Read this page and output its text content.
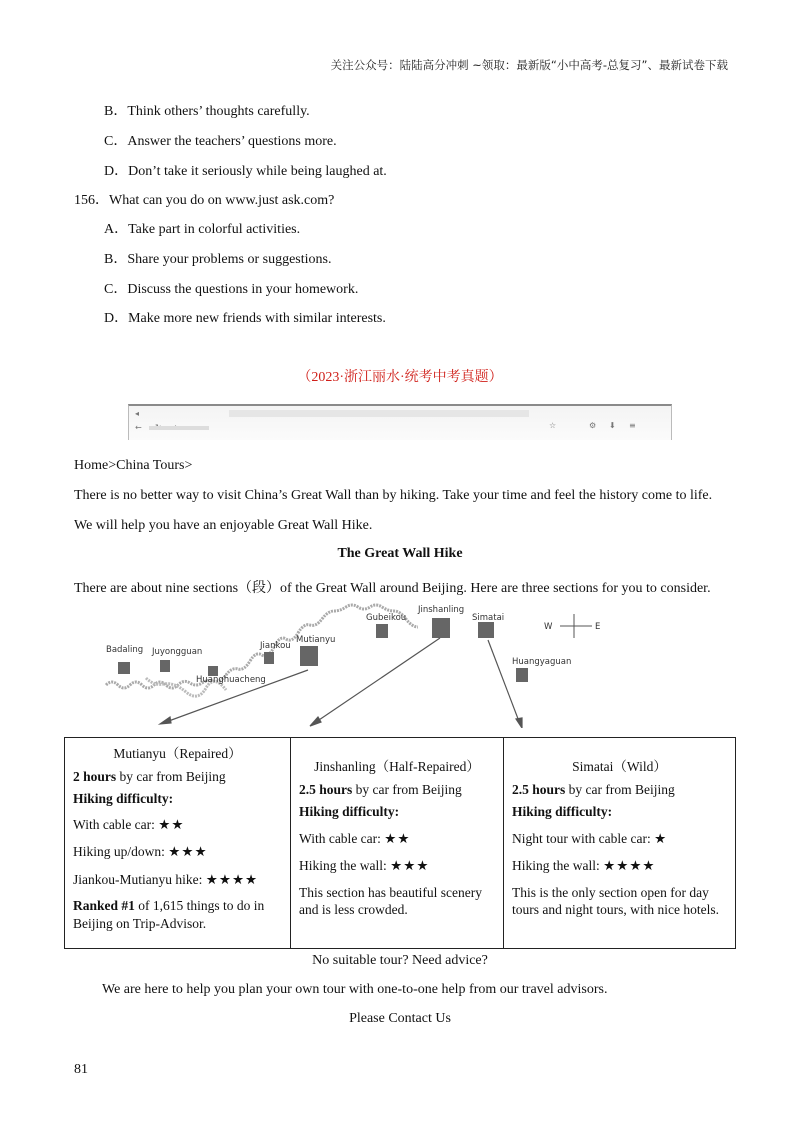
关注公众号：陆陆高分冲刺 ~领取：最新版“小中高考-总复习”、最新试卷下载
B．Think others’ thoughts carefully.
C．Answer the teachers’ questions more.
D．Don’t take it seriously while being laughed at.
156．What can you do on www.just ask.com?
A．Take part in colorful activities.
B．Share your problems or suggestions.
C．Discuss the questions in your homework.
D．Make more new friends with similar interests.
（2023·浙江丽水·统考中考真题）
◂
←	☆	⚙ ⬇ ≡
Home>China Tours>
There is no better way to visit China’s Great Wall than by hiking. Take your time and feel the history come to life.
We will help you have an enjoyable Great Wall Hike.
The Great Wall Hike
There are about nine sections（段）of the Great Wall around Beijing. Here are three sections for you to consider.
Badaling Juyongguan
Huanghuacheng
Jiankou
Mutianyu
Gubeikou
Jinshanling
Simatai
Huangyaguan
W	E
Mutianyu（Repaired）
2 hours by car from Beijing
Hiking difficulty:
With cable car: ★★
Hiking up/down: ★★★
Jiankou-Mutianyu hike: ★★★★
Ranked #1 of 1,615 things to do in Beijing on Trip-Advisor.

Jinshanling（Half-Repaired）
2.5 hours by car from Beijing
Hiking difficulty:
With cable car: ★★
Hiking the wall: ★★★
This section has beautiful scenery and is less crowded.

Simatai（Wild）
2.5 hours by car from Beijing
Hiking difficulty:
Night tour with cable car: ★
Hiking the wall: ★★★★
This is the only section open for day tours and night tours, with nice hotels.
No suitable tour? Need advice?
We are here to help you plan your own tour with one-to-one help from our travel advisors.
Please Contact Us
81
